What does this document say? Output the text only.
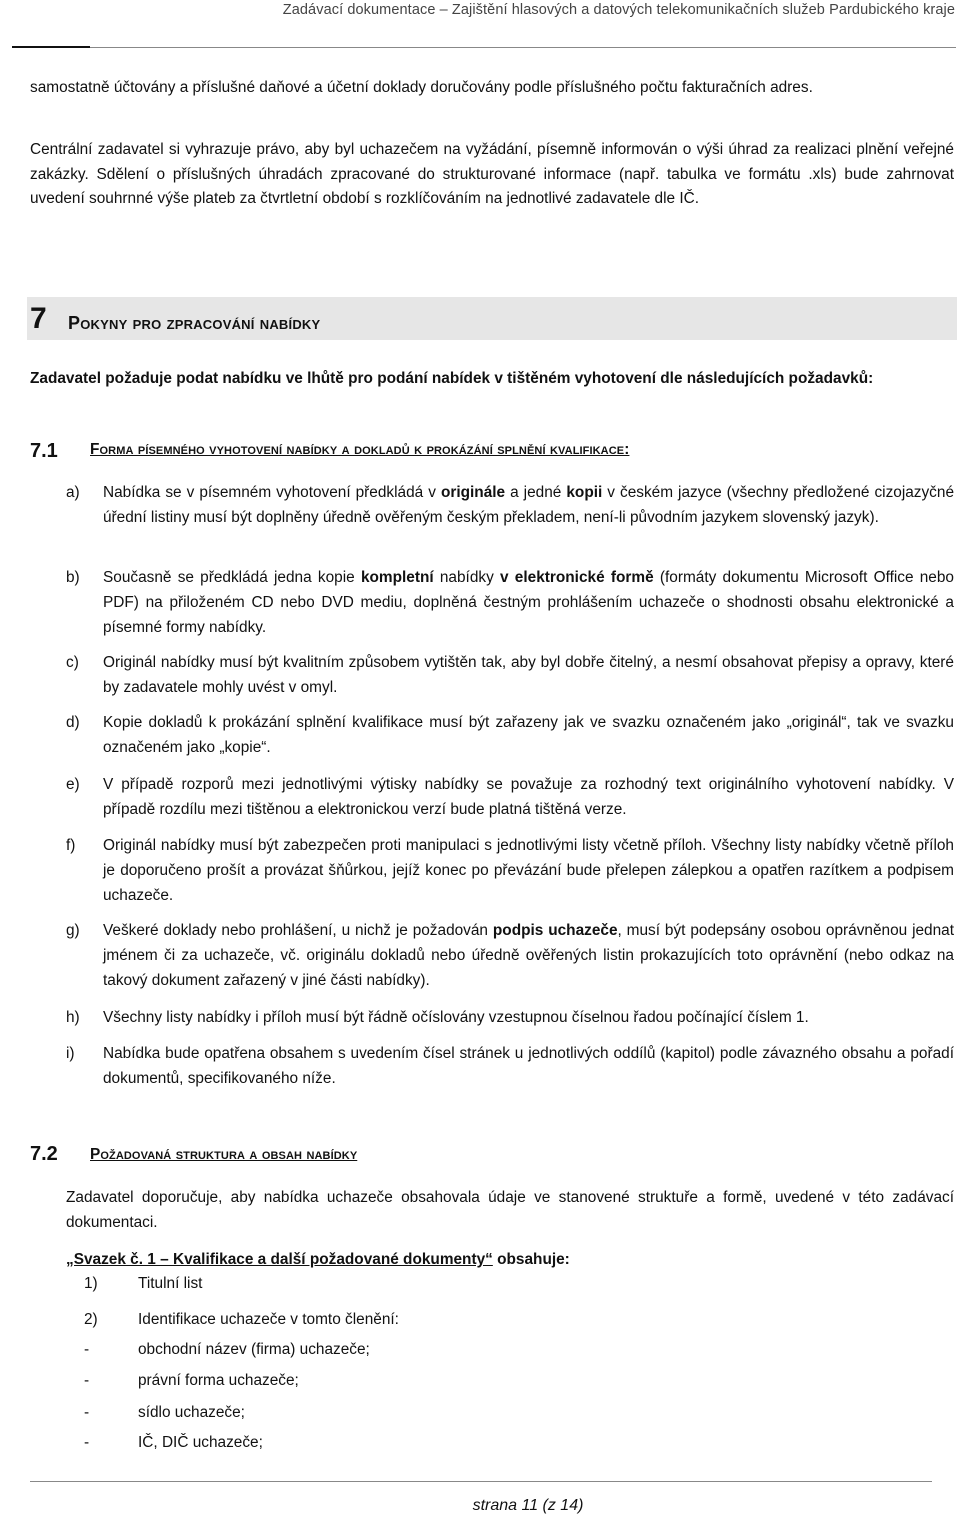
Zadávací dokumentace – Zajištění hlasových a datových telekomunikačních služeb Pardubického kraje

samostatně účtovány a příslušné daňové a účetní doklady doručovány podle příslušného počtu fakturačních adres.

Centrální zadavatel si vyhrazuje právo, aby byl uchazečem na vyžádání, písemně informován o výši úhrad za realizaci plnění veřejné zakázky. Sdělení o příslušných úhradách zpracované do strukturované informace (např. tabulka ve formátu .xls) bude zahrnovat uvedení souhrnné výše plateb za čtvrtletní období s rozklíčováním na jednotlivé zadavatele dle IČ.

7 Pokyny pro zpracování nabídky

Zadavatel požaduje podat nabídku ve lhůtě pro podání nabídek v tištěném vyhotovení dle následujících požadavků:

7.1 Forma písemného vyhotovení nabídky a dokladů k prokázání splnění kvalifikace:
a)	Nabídka se v písemném vyhotovení předkládá v originále a jedné kopii v českém jazyce (všechny předložené cizojazyčné úřední listiny musí být doplněny úředně ověřeným českým překladem, není-li původním jazykem slovenský jazyk).
b)	Současně se předkládá jedna kopie kompletní nabídky v elektronické formě (formáty dokumentu Microsoft Office nebo PDF) na přiloženém CD nebo DVD mediu, doplněná čestným prohlášením uchazeče o shodnosti obsahu elektronické a písemné formy nabídky.
c)	Originál nabídky musí být kvalitním způsobem vytištěn tak, aby byl dobře čitelný, a nesmí obsahovat přepisy a opravy, které by zadavatele mohly uvést v omyl.
d)	Kopie dokladů k prokázání splnění kvalifikace musí být zařazeny jak ve svazku označeném jako „originál“, tak ve svazku označeném jako „kopie“.
e)	V případě rozporů mezi jednotlivými výtisky nabídky se považuje za rozhodný text originálního vyhotovení nabídky. V případě rozdílu mezi tištěnou a elektronickou verzí bude platná tištěná verze.
f)	Originál nabídky musí být zabezpečen proti manipulaci s jednotlivými listy včetně příloh. Všechny listy nabídky včetně příloh je doporučeno prošít a provázat šňůrkou, jejíž konec po převázání bude přelepen zálepkou a opatřen razítkem a podpisem uchazeče.
g)	Veškeré doklady nebo prohlášení, u nichž je požadován podpis uchazeče, musí být podepsány osobou oprávněnou jednat jménem či za uchazeče, vč. originálu dokladů nebo úředně ověřených listin prokazujících toto oprávnění (nebo odkaz na takový dokument zařazený v jiné části nabídky).
h)	Všechny listy nabídky i příloh musí být řádně očíslovány vzestupnou číselnou řadou počínající číslem 1.
i)	Nabídka bude opatřena obsahem s uvedením čísel stránek u jednotlivých oddílů (kapitol) podle závazného obsahu a pořadí dokumentů, specifikovaného níže.
7.2 Požadovaná struktura a obsah nabídky

Zadavatel doporučuje, aby nabídka uchazeče obsahovala údaje ve stanovené struktuře a formě, uvedené v této zadávací dokumentaci.

„Svazek č. 1 – Kvalifikace a další požadované dokumenty“ obsahuje:
1)	Titulní list
2)	Identifikace uchazeče v tomto členění:
-	obchodní název (firma) uchazeče;
-	právní forma uchazeče;
-	sídlo uchazeče;
-	IČ, DIČ uchazeče;
strana 11 (z 14)
